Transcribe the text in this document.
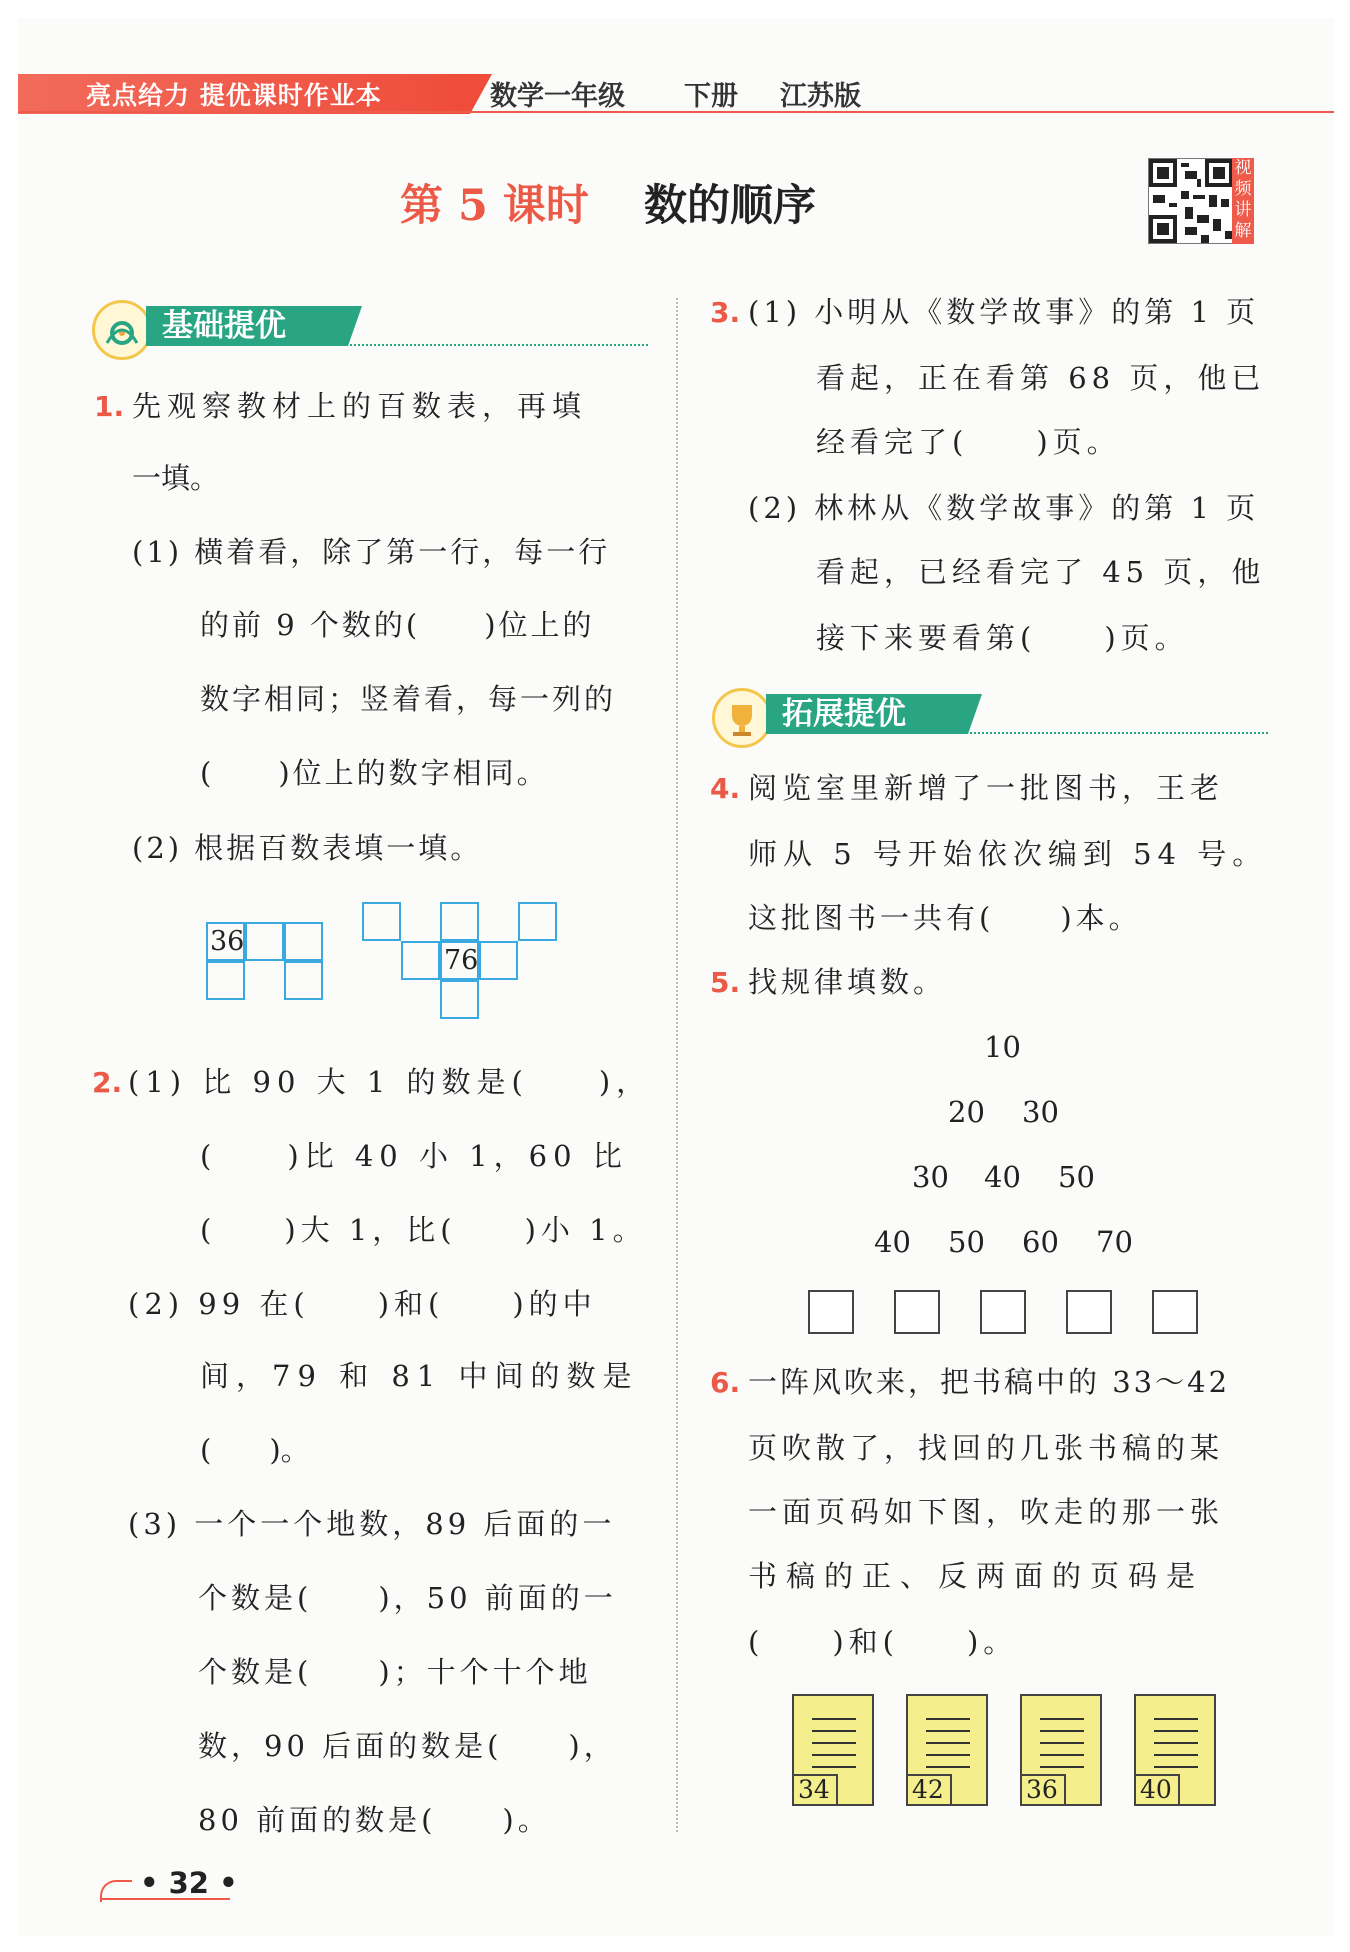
亮点给力 提优课时作业本	数学一年级 下册 江苏版
第 5 课时 数的顺序
视频讲解
基础提优
1. 先观察教材上的百数表，再填
一填。
(1) 横着看，除了第一行，每一行
的前 9 个数的(　　)位上的
数字相同；竖着看，每一列的
(　　)位上的数字相同。
(2) 根据百数表填一填。
36
76
2. (1) 比 90 大 1 的数是(　　)，
(　　)比 40 小 1，60 比
(　　)大 1，比(　　)小 1。
(2) 99 在(　　)和(　　)的中
间，79 和 81 中间的数是
(　　)。
(3) 一个一个地数，89 后面的一
个数是(　　)，50 前面的一
个数是(　　)；十个十个地
数，90 后面的数是(　　)，
80 前面的数是(　　)。
3. (1) 小明从《数学故事》的第 1 页
看起，正在看第 68 页，他已
经看完了(　　)页。
(2) 林林从《数学故事》的第 1 页
看起，已经看完了 45 页，他
接下来要看第(　　)页。
拓展提优
4. 阅览室里新增了一批图书，王老
师从 5 号开始依次编到 54 号。
这批图书一共有(　　)本。
5. 找规律填数。
10
20 30
30 40 50
40 50 60 70
6. 一阵风吹来，把书稿中的 33～42
页吹散了，找回的几张书稿的某
一面页码如下图，吹走的那一张
书稿的正、反两面的页码是
(　　)和(　　)。
34	42	36	40
• 32 •
